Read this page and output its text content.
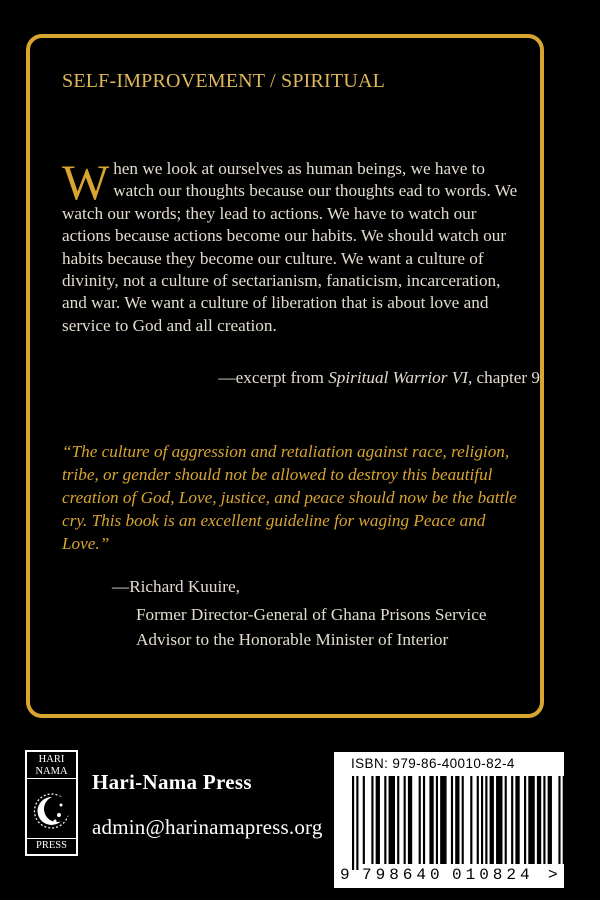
SELF-IMPROVEMENT / SPIRITUAL
W hen we look at ourselves as human beings, we have to watch our thoughts because our thoughts ead to words. We watch our words; they lead to actions. We have to watch our actions because actions become our habits. We should watch our habits because they become our culture. We want a culture of divinity, not a culture of sectarianism, fanaticism, incarceration, and war. We want a culture of liberation that is about love and service to God and all creation.

—excerpt from Spiritual Warrior VI, chapter 9
“The culture of aggression and retaliation against race, religion, tribe, or gender should not be allowed to destroy this beautiful creation of God, Love, justice, and peace should now be the battle cry. This book is an excellent guideline for waging Peace and Love.”
—Richard Kuuire,
Former Director-General of Ghana Prisons Service
Advisor to the Honorable Minister of Interior
HARI
NAMA
PRESS
Hari-Nama Press
admin@harinamapress.org
ISBN: 979-86-40010-82-4
9 798640 010824 >
